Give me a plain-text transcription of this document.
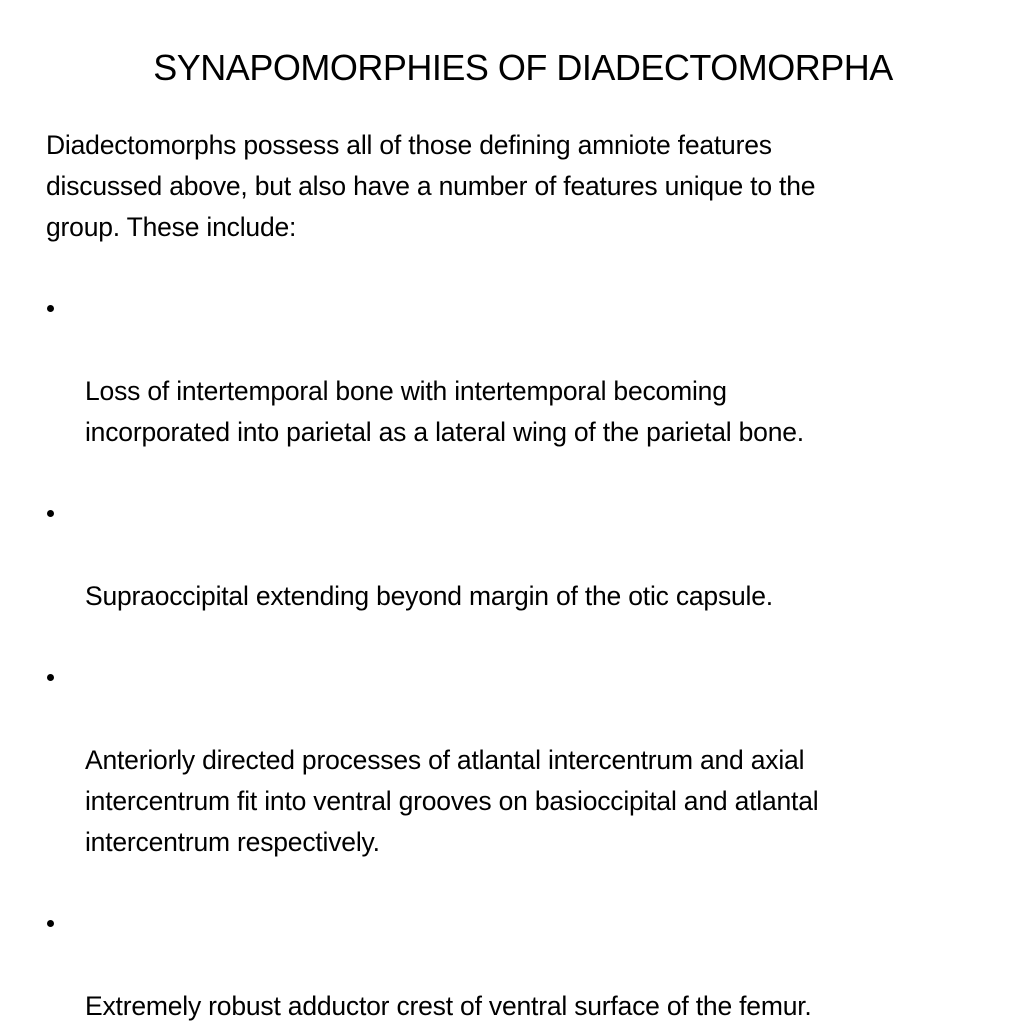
SYNAPOMORPHIES OF DIADECTOMORPHA

Diadectomorphs possess all of those defining amniote features
discussed above, but also have a number of features unique to the
group. These include:

Loss of intertemporal bone with intertemporal becoming
incorporated into parietal as a lateral wing of the parietal bone.

Supraoccipital extending beyond margin of the otic capsule.

Anteriorly directed processes of atlantal intercentrum and axial
intercentrum fit into ventral grooves on basioccipital and atlantal
intercentrum respectively.

Extremely robust adductor crest of ventral surface of the femur.
